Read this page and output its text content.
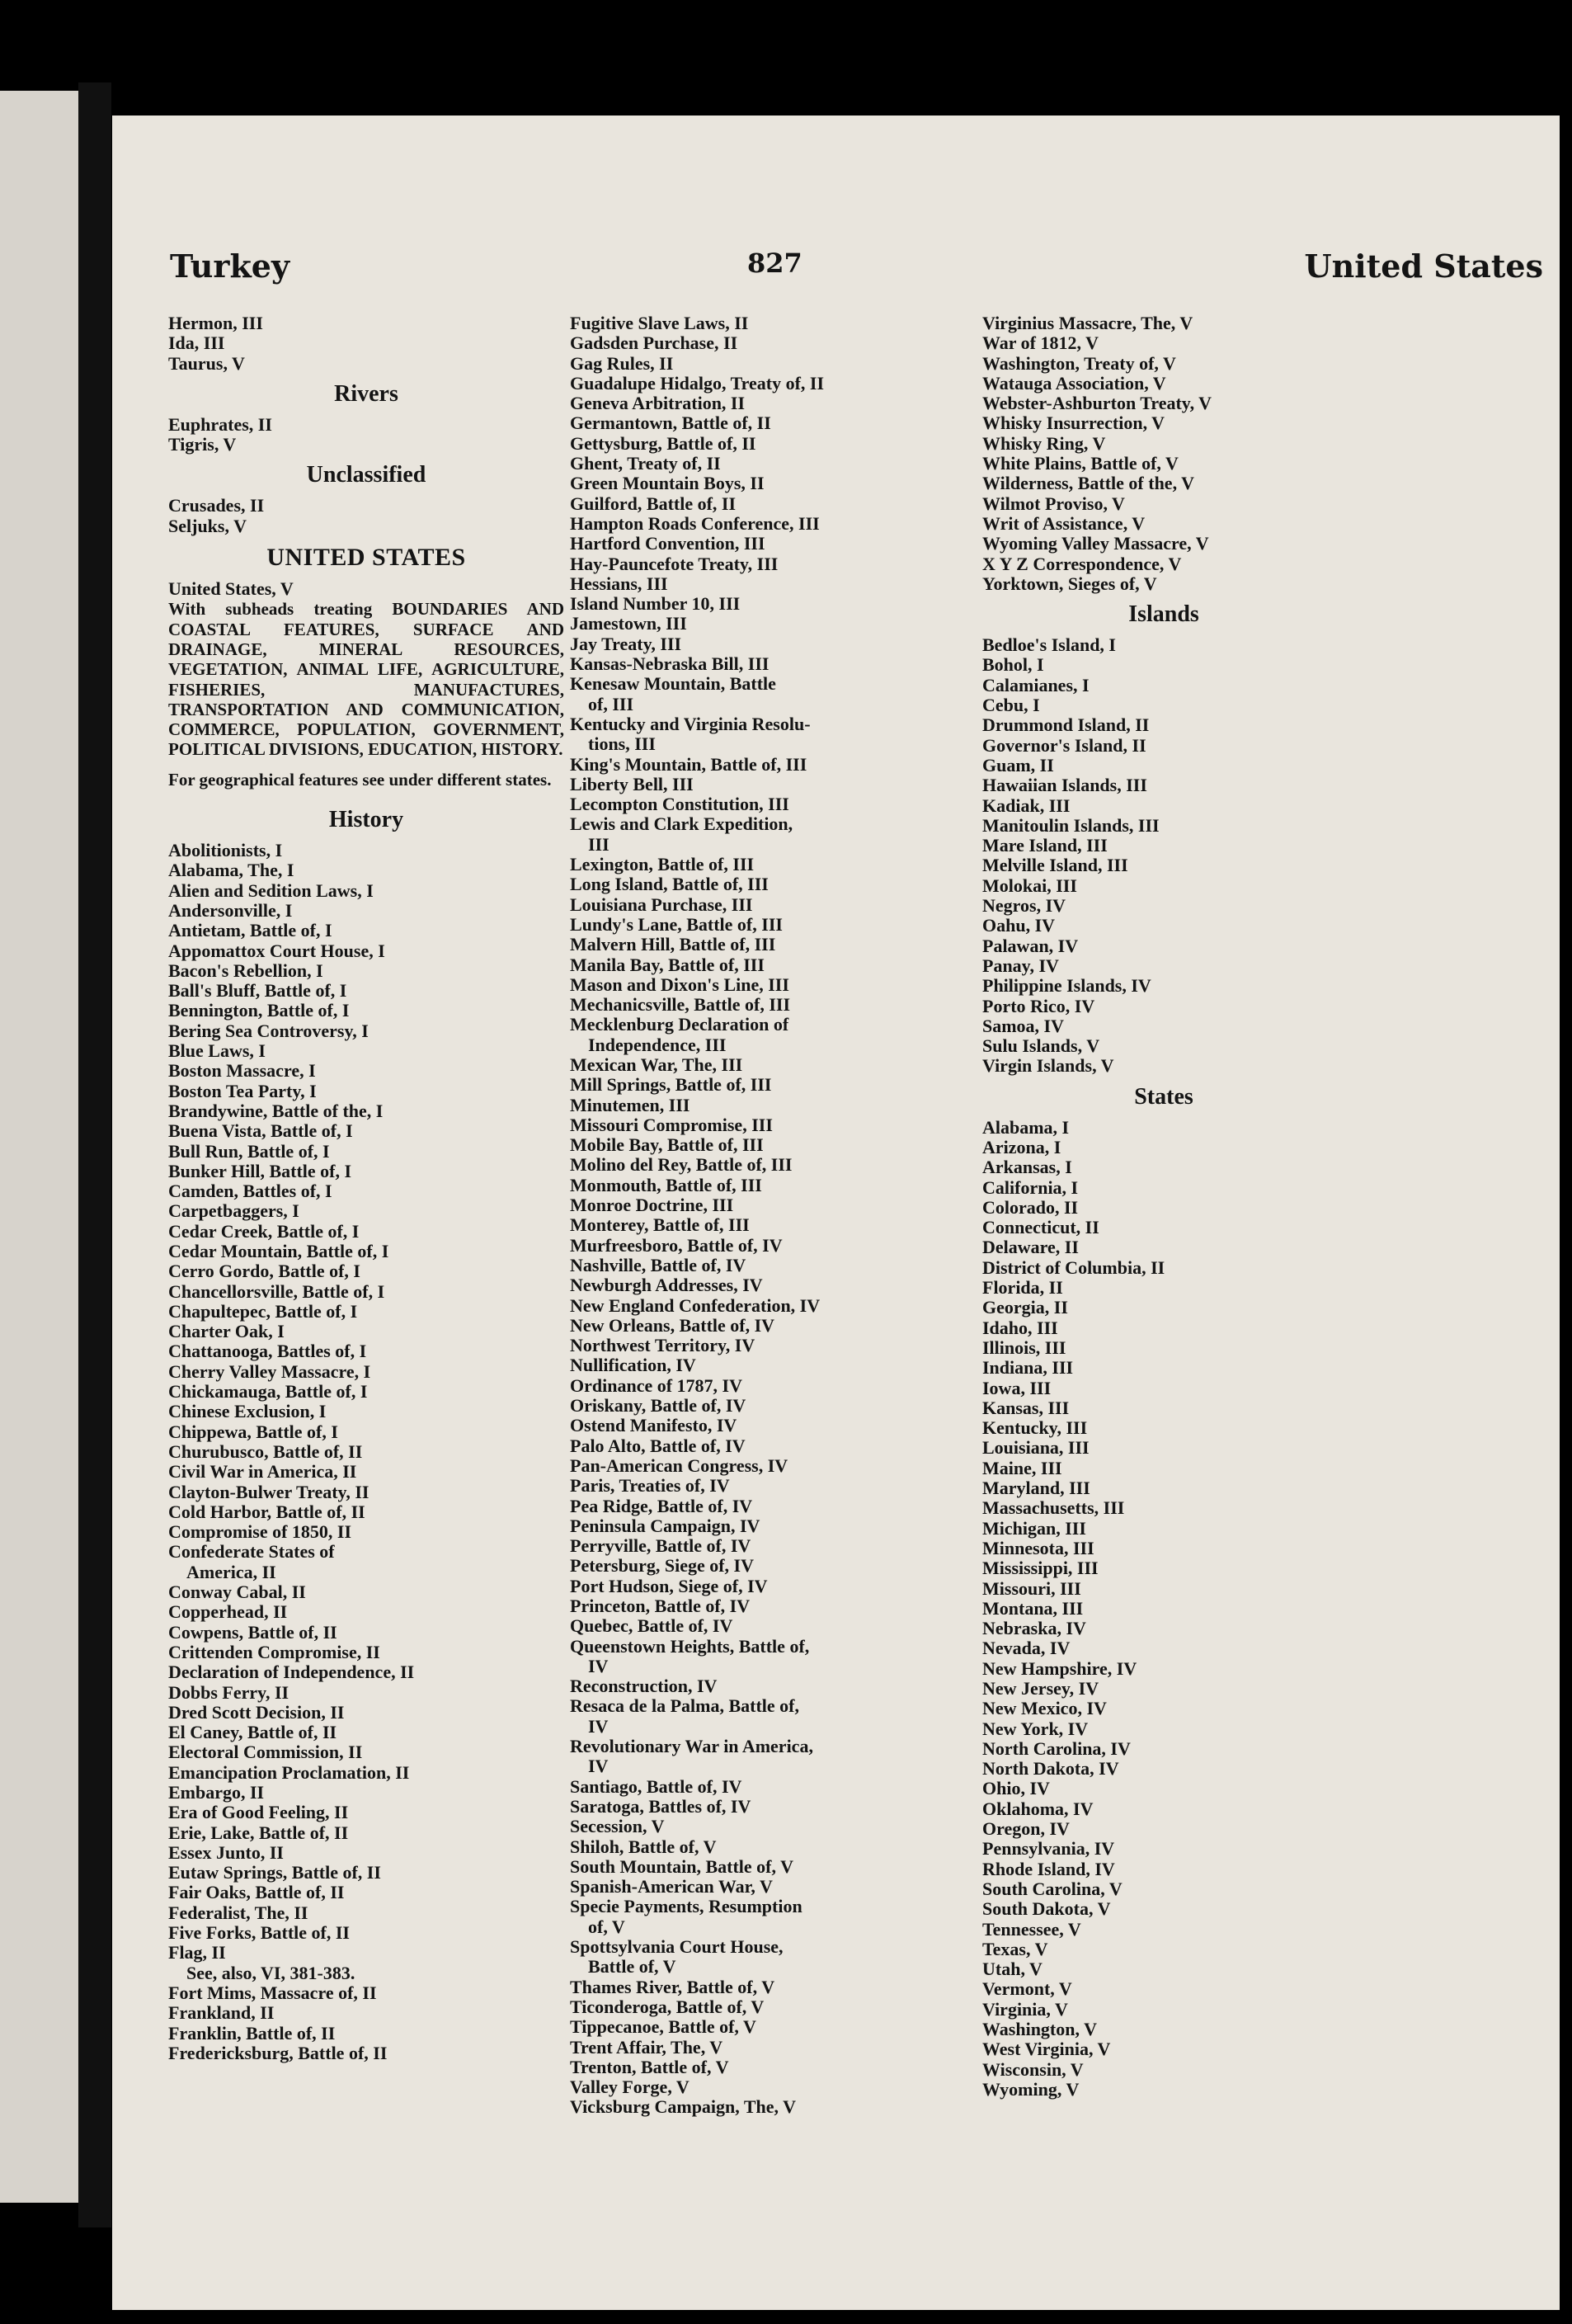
Turkey	827	United States
Hermon, III
Ida, III
Taurus, V
Rivers
Euphrates, II
Tigris, V
Unclassified
Crusades, II
Seljuks, V
UNITED STATES
United States, V
With subheads treating BOUNDARIES AND COASTAL FEATURES, SURFACE AND DRAINAGE, MINERAL RESOURCES, VEGETATION, ANIMAL LIFE, AGRICULTURE, FISHERIES, MANUFACTURES, TRANSPORTATION AND COMMUNICATION, COMMERCE, POPULATION, GOVERNMENT, POLITICAL DIVISIONS, EDUCATION, HISTORY.
For geographical features see under different states.
History
Abolitionists, I
Alabama, The, I
Alien and Sedition Laws, I
Andersonville, I
Antietam, Battle of, I
Appomattox Court House, I
Bacon's Rebellion, I
Ball's Bluff, Battle of, I
Bennington, Battle of, I
Bering Sea Controversy, I
Blue Laws, I
Boston Massacre, I
Boston Tea Party, I
Brandywine, Battle of the, I
Buena Vista, Battle of, I
Bull Run, Battle of, I
Bunker Hill, Battle of, I
Camden, Battles of, I
Carpetbaggers, I
Cedar Creek, Battle of, I
Cedar Mountain, Battle of, I
Cerro Gordo, Battle of, I
Chancellorsville, Battle of, I
Chapultepec, Battle of, I
Charter Oak, I
Chattanooga, Battles of, I
Cherry Valley Massacre, I
Chickamauga, Battle of, I
Chinese Exclusion, I
Chippewa, Battle of, I
Churubusco, Battle of, II
Civil War in America, II
Clayton-Bulwer Treaty, II
Cold Harbor, Battle of, II
Compromise of 1850, II
Confederate States of
America, II
Conway Cabal, II
Copperhead, II
Cowpens, Battle of, II
Crittenden Compromise, II
Declaration of Independence, II
Dobbs Ferry, II
Dred Scott Decision, II
El Caney, Battle of, II
Electoral Commission, II
Emancipation Proclamation, II
Embargo, II
Era of Good Feeling, II
Erie, Lake, Battle of, II
Essex Junto, II
Eutaw Springs, Battle of, II
Fair Oaks, Battle of, II
Federalist, The, II
Five Forks, Battle of, II
Flag, II
See, also, VI, 381-383.
Fort Mims, Massacre of, II
Frankland, II
Franklin, Battle of, II
Fredericksburg, Battle of, II
Fugitive Slave Laws, II
Gadsden Purchase, II
Gag Rules, II
Guadalupe Hidalgo, Treaty of, II
Geneva Arbitration, II
Germantown, Battle of, II
Gettysburg, Battle of, II
Ghent, Treaty of, II
Green Mountain Boys, II
Guilford, Battle of, II
Hampton Roads Conference, III
Hartford Convention, III
Hay-Pauncefote Treaty, III
Hessians, III
Island Number 10, III
Jamestown, III
Jay Treaty, III
Kansas-Nebraska Bill, III
Kenesaw Mountain, Battle
of, III
Kentucky and Virginia Resolu-
tions, III
King's Mountain, Battle of, III
Liberty Bell, III
Lecompton Constitution, III
Lewis and Clark Expedition,
III
Lexington, Battle of, III
Long Island, Battle of, III
Louisiana Purchase, III
Lundy's Lane, Battle of, III
Malvern Hill, Battle of, III
Manila Bay, Battle of, III
Mason and Dixon's Line, III
Mechanicsville, Battle of, III
Mecklenburg Declaration of
Independence, III
Mexican War, The, III
Mill Springs, Battle of, III
Minutemen, III
Missouri Compromise, III
Mobile Bay, Battle of, III
Molino del Rey, Battle of, III
Monmouth, Battle of, III
Monroe Doctrine, III
Monterey, Battle of, III
Murfreesboro, Battle of, IV
Nashville, Battle of, IV
Newburgh Addresses, IV
New England Confederation, IV
New Orleans, Battle of, IV
Northwest Territory, IV
Nullification, IV
Ordinance of 1787, IV
Oriskany, Battle of, IV
Ostend Manifesto, IV
Palo Alto, Battle of, IV
Pan-American Congress, IV
Paris, Treaties of, IV
Pea Ridge, Battle of, IV
Peninsula Campaign, IV
Perryville, Battle of, IV
Petersburg, Siege of, IV
Port Hudson, Siege of, IV
Princeton, Battle of, IV
Quebec, Battle of, IV
Queenstown Heights, Battle of,
IV
Reconstruction, IV
Resaca de la Palma, Battle of,
IV
Revolutionary War in America,
IV
Santiago, Battle of, IV
Saratoga, Battles of, IV
Secession, V
Shiloh, Battle of, V
South Mountain, Battle of, V
Spanish-American War, V
Specie Payments, Resumption
of, V
Spottsylvania Court House,
Battle of, V
Thames River, Battle of, V
Ticonderoga, Battle of, V
Tippecanoe, Battle of, V
Trent Affair, The, V
Trenton, Battle of, V
Valley Forge, V
Vicksburg Campaign, The, V
Virginius Massacre, The, V
War of 1812, V
Washington, Treaty of, V
Watauga Association, V
Webster-Ashburton Treaty, V
Whisky Insurrection, V
Whisky Ring, V
White Plains, Battle of, V
Wilderness, Battle of the, V
Wilmot Proviso, V
Writ of Assistance, V
Wyoming Valley Massacre, V
X Y Z Correspondence, V
Yorktown, Sieges of, V
Islands
Bedloe's Island, I
Bohol, I
Calamianes, I
Cebu, I
Drummond Island, II
Governor's Island, II
Guam, II
Hawaiian Islands, III
Kadiak, III
Manitoulin Islands, III
Mare Island, III
Melville Island, III
Molokai, III
Negros, IV
Oahu, IV
Palawan, IV
Panay, IV
Philippine Islands, IV
Porto Rico, IV
Samoa, IV
Sulu Islands, V
Virgin Islands, V
States
Alabama, I
Arizona, I
Arkansas, I
California, I
Colorado, II
Connecticut, II
Delaware, II
District of Columbia, II
Florida, II
Georgia, II
Idaho, III
Illinois, III
Indiana, III
Iowa, III
Kansas, III
Kentucky, III
Louisiana, III
Maine, III
Maryland, III
Massachusetts, III
Michigan, III
Minnesota, III
Mississippi, III
Missouri, III
Montana, III
Nebraska, IV
Nevada, IV
New Hampshire, IV
New Jersey, IV
New Mexico, IV
New York, IV
North Carolina, IV
North Dakota, IV
Ohio, IV
Oklahoma, IV
Oregon, IV
Pennsylvania, IV
Rhode Island, IV
South Carolina, V
South Dakota, V
Tennessee, V
Texas, V
Utah, V
Vermont, V
Virginia, V
Washington, V
West Virginia, V
Wisconsin, V
Wyoming, V
